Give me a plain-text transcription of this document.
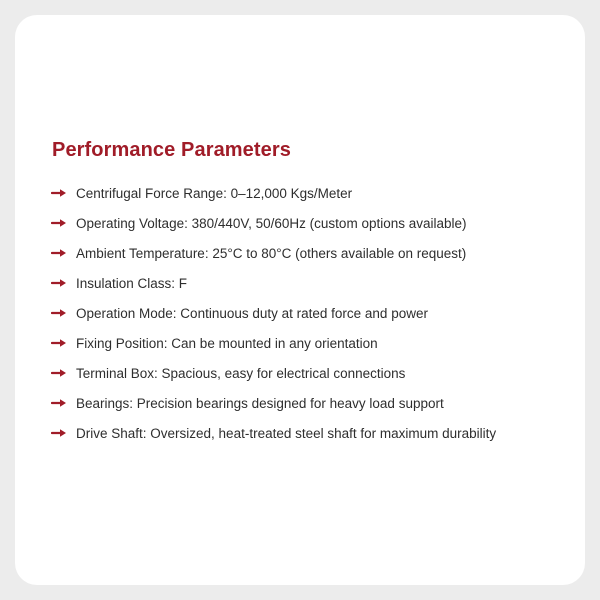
Performance Parameters
Centrifugal Force Range: 0–12,000 Kgs/Meter
Operating Voltage: 380/440V, 50/60Hz (custom options available)
Ambient Temperature: 25°C to 80°C (others available on request)
Insulation Class: F
Operation Mode: Continuous duty at rated force and power
Fixing Position: Can be mounted in any orientation
Terminal Box: Spacious, easy for electrical connections
Bearings: Precision bearings designed for heavy load support
Drive Shaft: Oversized, heat-treated steel shaft for maximum durability
